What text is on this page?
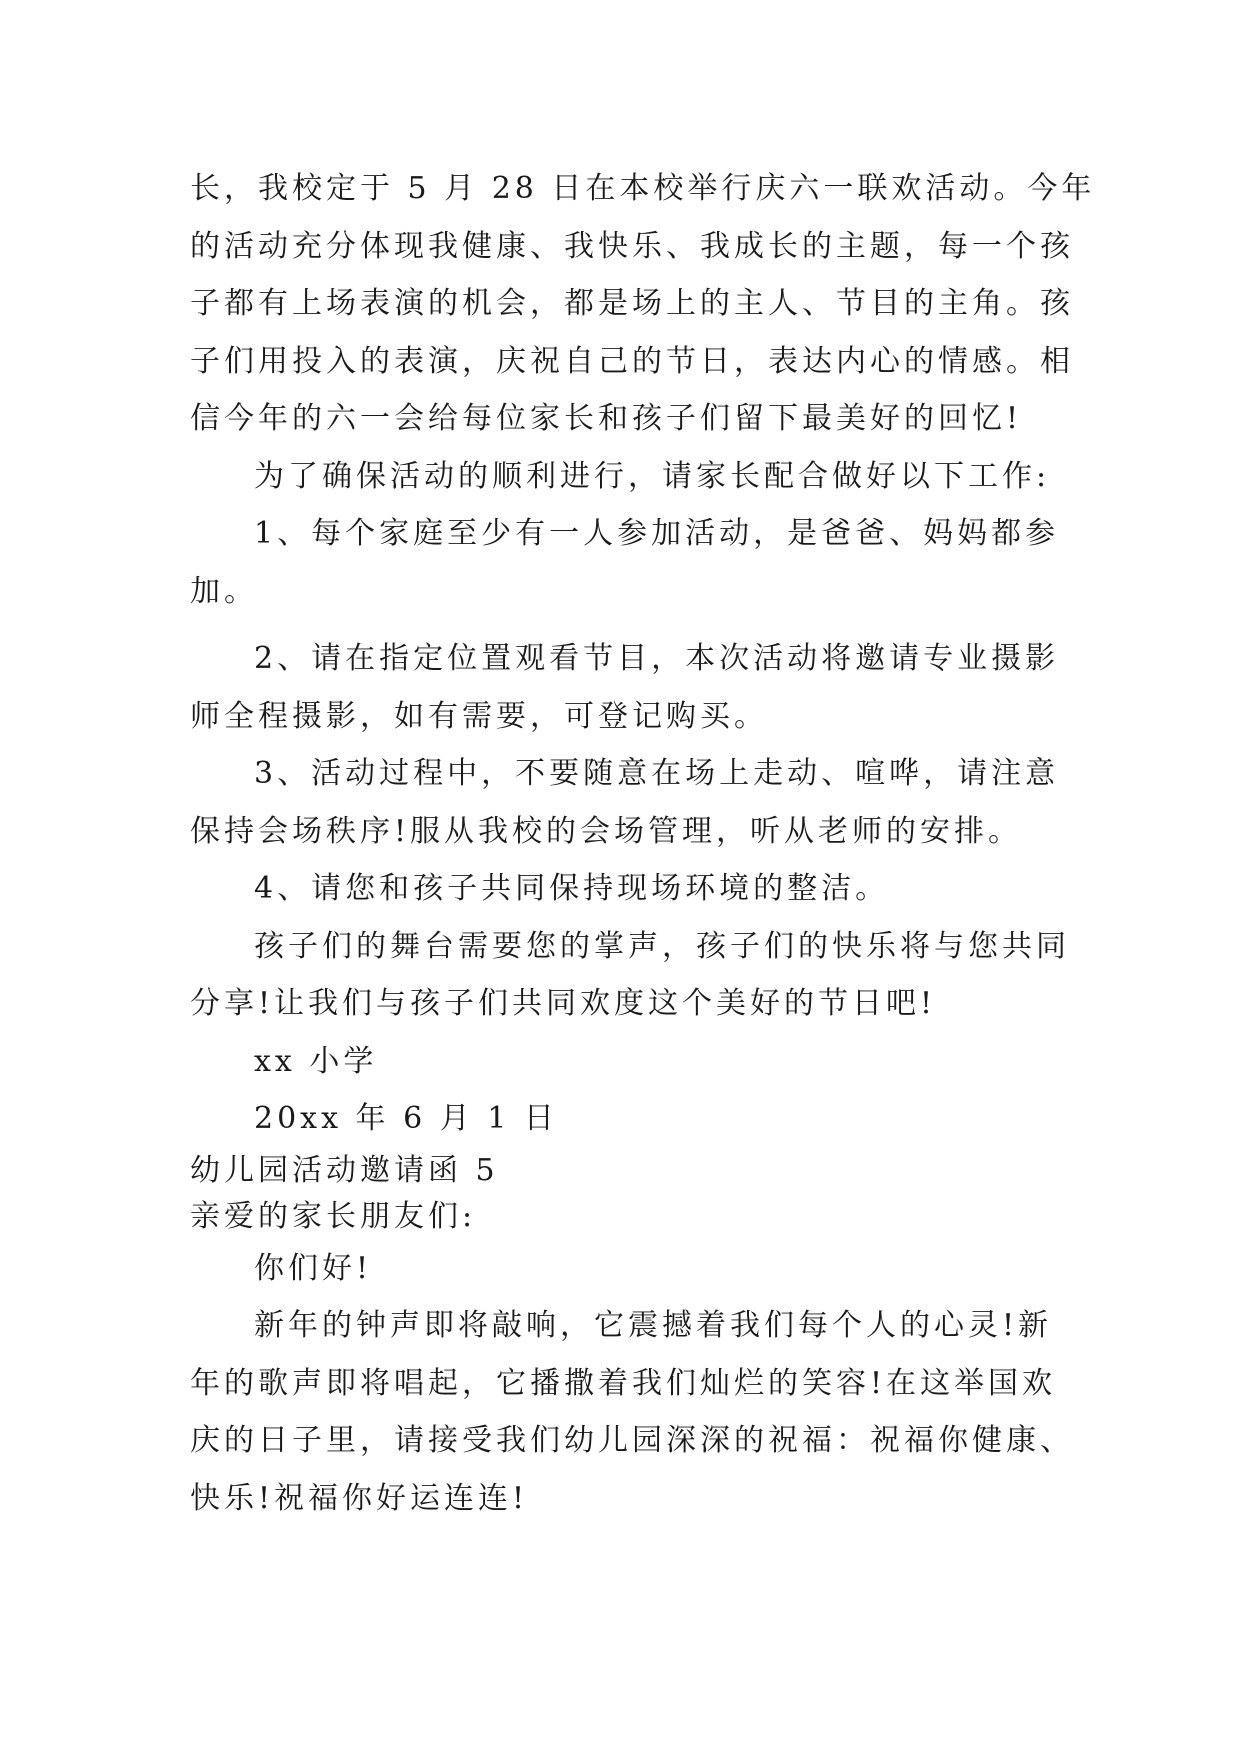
长，我校定于 5 月 28 日在本校举行庆六一联欢活动。今年
的活动充分体现我健康、我快乐、我成长的主题，每一个孩
子都有上场表演的机会，都是场上的主人、节目的主角。孩
子们用投入的表演，庆祝自己的节日，表达内心的情感。相
信今年的六一会给每位家长和孩子们留下最美好的回忆!
为了确保活动的顺利进行，请家长配合做好以下工作:
1、每个家庭至少有一人参加活动，是爸爸、妈妈都参
加。
2、请在指定位置观看节目，本次活动将邀请专业摄影
师全程摄影，如有需要，可登记购买。
3、活动过程中，不要随意在场上走动、喧哗，请注意
保持会场秩序!服从我校的会场管理，听从老师的安排。
4、请您和孩子共同保持现场环境的整洁。
孩子们的舞台需要您的掌声，孩子们的快乐将与您共同
分享!让我们与孩子们共同欢度这个美好的节日吧!
xx 小学
20xx 年 6 月 1 日
幼儿园活动邀请函 5
亲爱的家长朋友们:
你们好!
新年的钟声即将敲响，它震撼着我们每个人的心灵!新
年的歌声即将唱起，它播撒着我们灿烂的笑容!在这举国欢
庆的日子里，请接受我们幼儿园深深的祝福：祝福你健康、
快乐!祝福你好运连连!
